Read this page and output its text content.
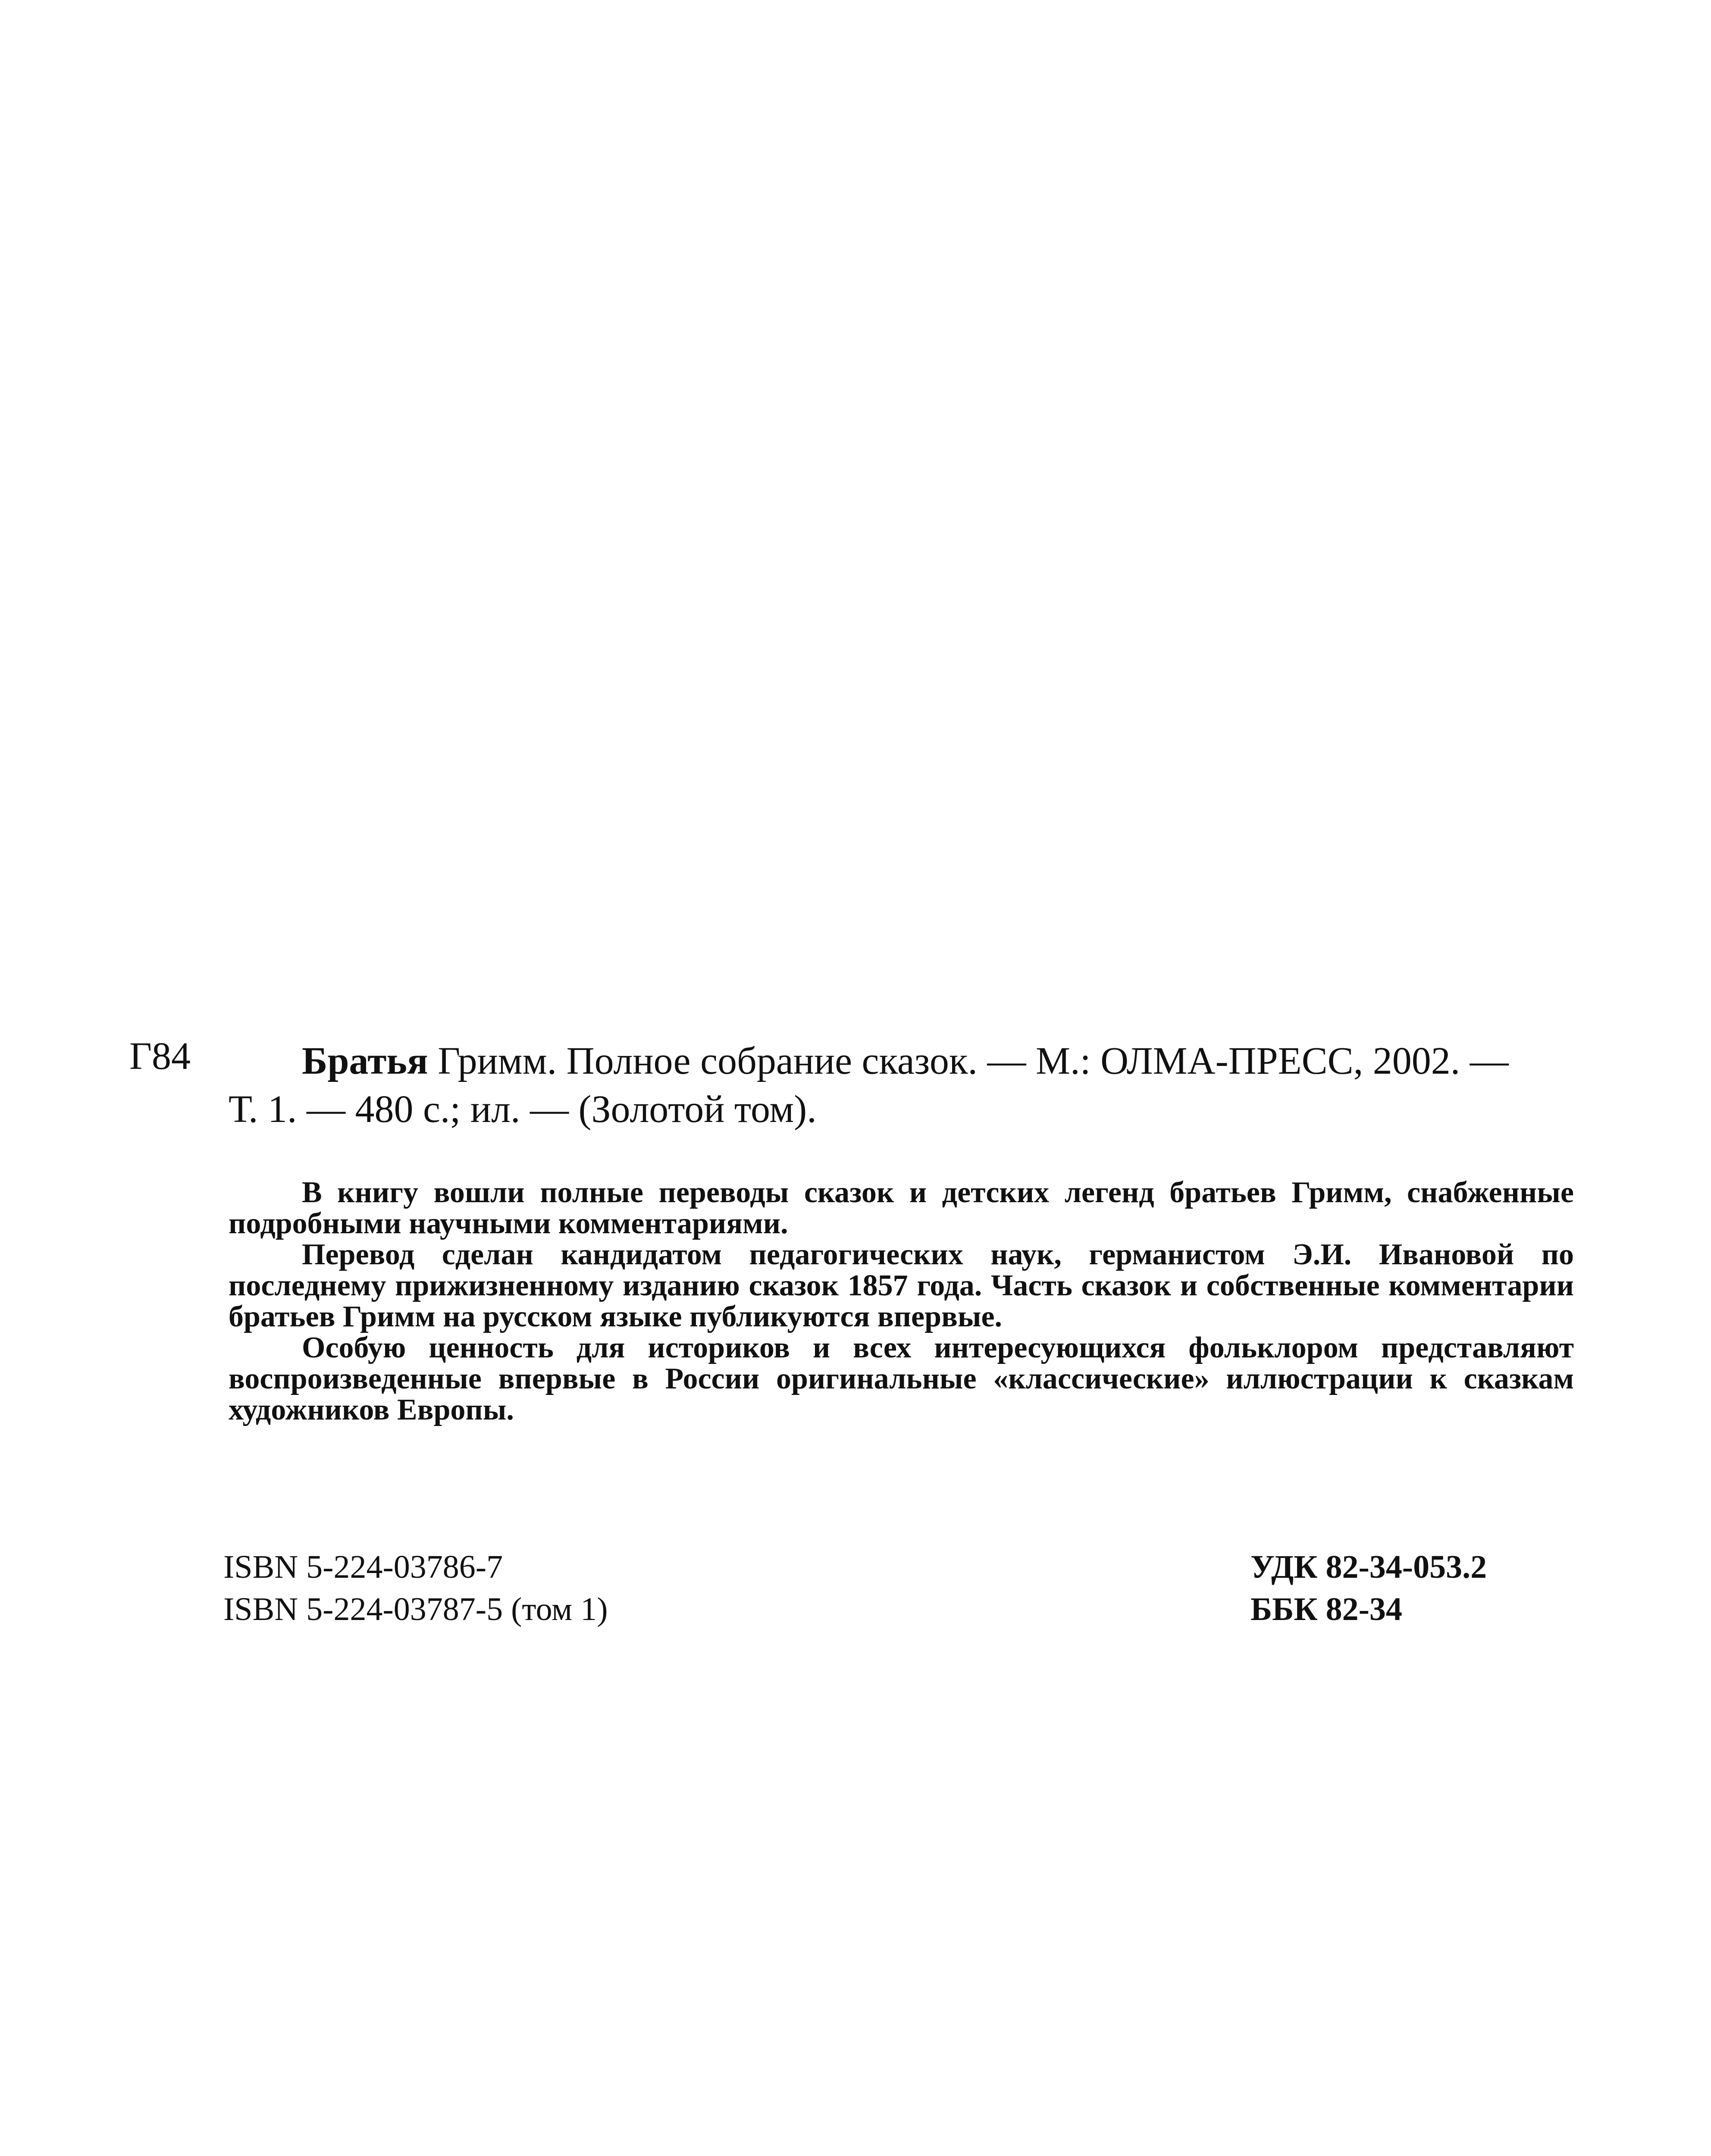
Г84	Братья Гримм. Полное собрание сказок. — М.: ОЛМА-ПРЕСС, 2002. —
Т. 1. — 480 с.; ил. — (Золотой том).

В книгу вошли полные переводы сказок и детских легенд братьев Гримм, снабженные подробными научными комментариями.

Перевод сделан кандидатом педагогических наук, германистом Э.И. Ивановой по последнему прижизненному изданию сказок 1857 года. Часть сказок и собственные комментарии братьев Гримм на русском языке публикуются впервые.

Особую ценность для историков и всех интересующихся фольклором представляют воспроизведенные впервые в России оригинальные «классические» иллюстрации к сказкам художников Европы.

ISBN 5-224-03786-7
ISBN 5-224-03787-5 (том 1)
УДК 82-34-053.2
ББК 82-34
